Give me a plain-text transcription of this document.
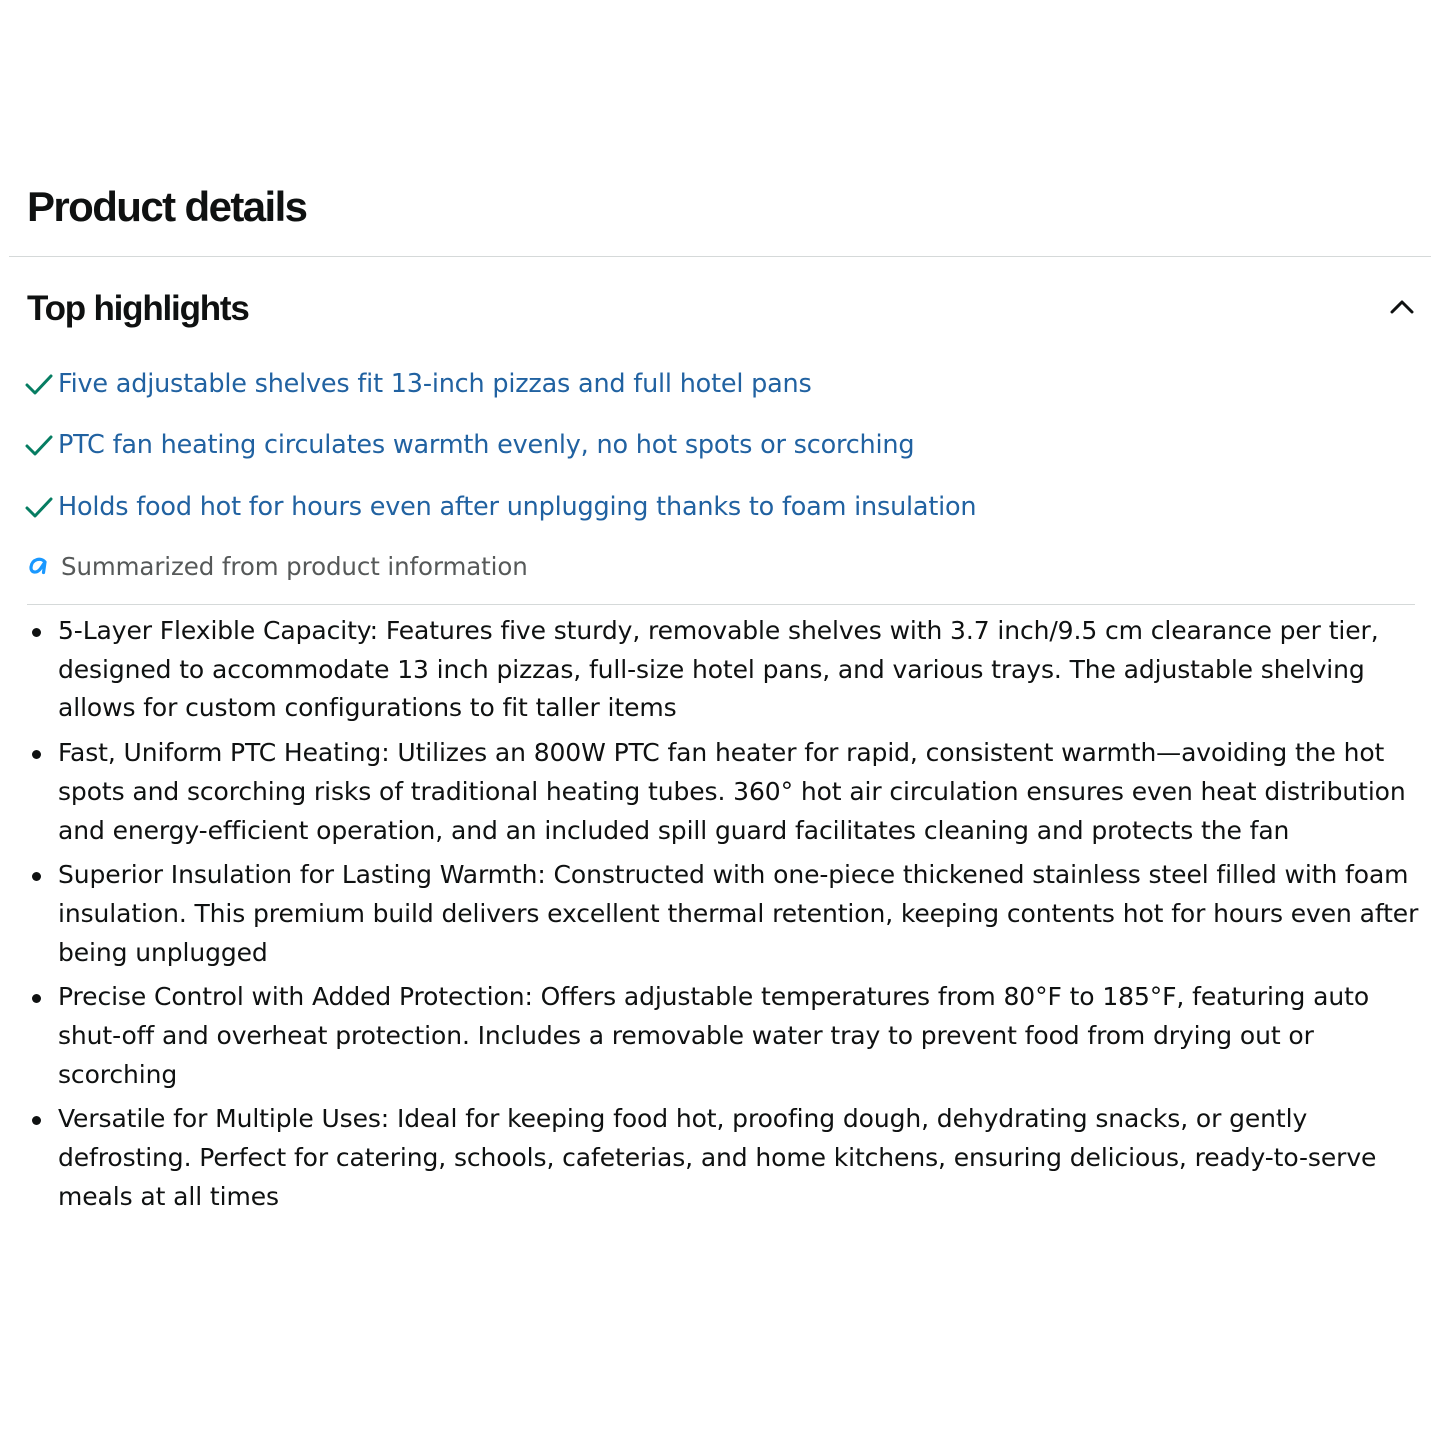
Product details
Top highlights
Five adjustable shelves fit 13-inch pizzas and full hotel pans
PTC fan heating circulates warmth evenly, no hot spots or scorching
Holds food hot for hours even after unplugging thanks to foam insulation
Summarized from product information
5-Layer Flexible Capacity: Features five sturdy, removable shelves with 3.7 inch/9.5 cm clearance per tier, designed to accommodate 13 inch pizzas, full-size hotel pans, and various trays. The adjustable shelving allows for custom configurations to fit taller items
Fast, Uniform PTC Heating: Utilizes an 800W PTC fan heater for rapid, consistent warmth—avoiding the hot spots and scorching risks of traditional heating tubes. 360° hot air circulation ensures even heat distribution and energy-efficient operation, and an included spill guard facilitates cleaning and protects the fan
Superior Insulation for Lasting Warmth: Constructed with one-piece thickened stainless steel filled with foam insulation. This premium build delivers excellent thermal retention, keeping contents hot for hours even after being unplugged
Precise Control with Added Protection: Offers adjustable temperatures from 80°F to 185°F, featuring auto shut-off and overheat protection. Includes a removable water tray to prevent food from drying out or scorching
Versatile for Multiple Uses: Ideal for keeping food hot, proofing dough, dehydrating snacks, or gently defrosting. Perfect for catering, schools, cafeterias, and home kitchens, ensuring delicious, ready-to-serve meals at all times
